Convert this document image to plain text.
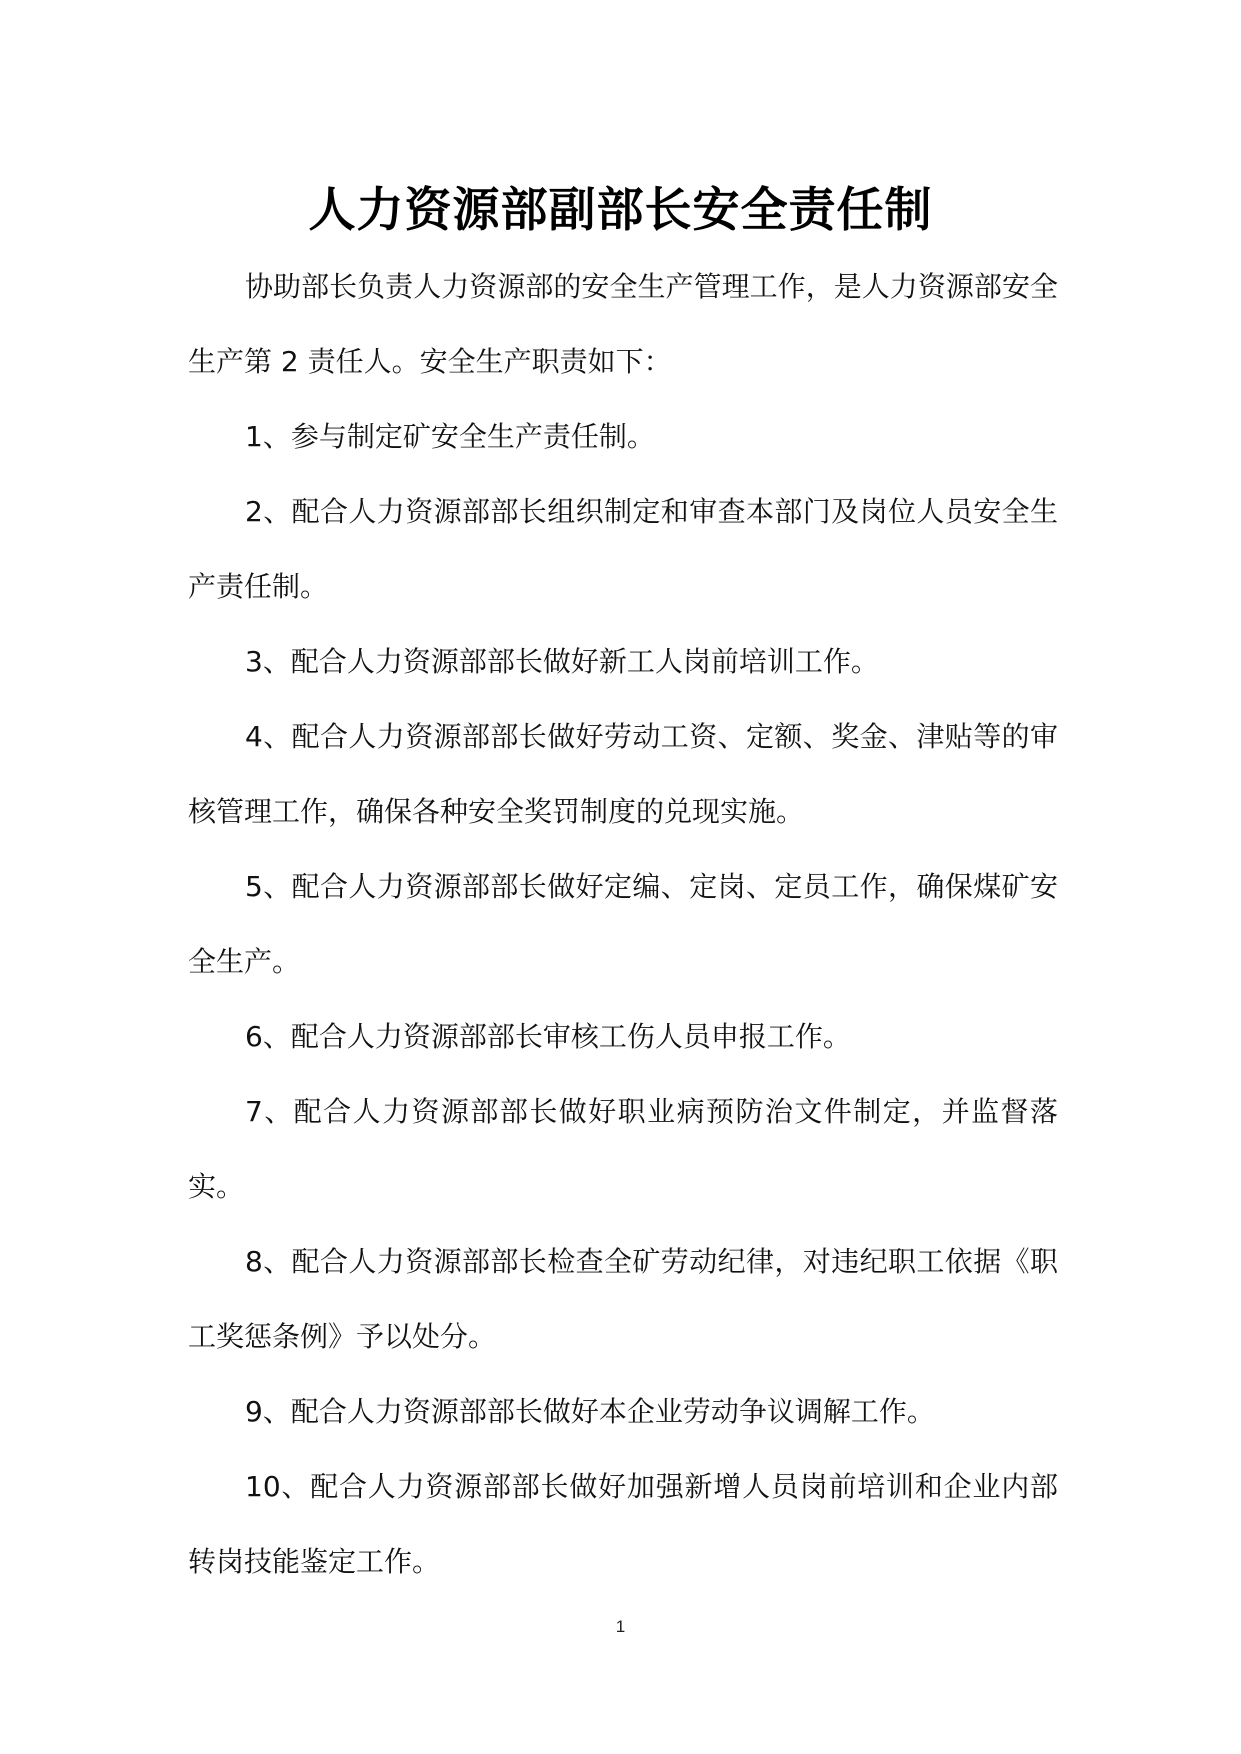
人力资源部副部长安全责任制

协助部长负责人力资源部的安全生产管理工作，是人力资源部安全生产第 2 责任人。安全生产职责如下：

1、参与制定矿安全生产责任制。

2、配合人力资源部部长组织制定和审查本部门及岗位人员安全生产责任制。

3、配合人力资源部部长做好新工人岗前培训工作。

4、配合人力资源部部长做好劳动工资、定额、奖金、津贴等的审核管理工作，确保各种安全奖罚制度的兑现实施。

5、配合人力资源部部长做好定编、定岗、定员工作，确保煤矿安全生产。

6、配合人力资源部部长审核工伤人员申报工作。

7、配合人力资源部部长做好职业病预防治文件制定，并监督落实。

8、配合人力资源部部长检查全矿劳动纪律，对违纪职工依据《职工奖惩条例》予以处分。

9、配合人力资源部部长做好本企业劳动争议调解工作。

10、配合人力资源部部长做好加强新增人员岗前培训和企业内部转岗技能鉴定工作。

1
